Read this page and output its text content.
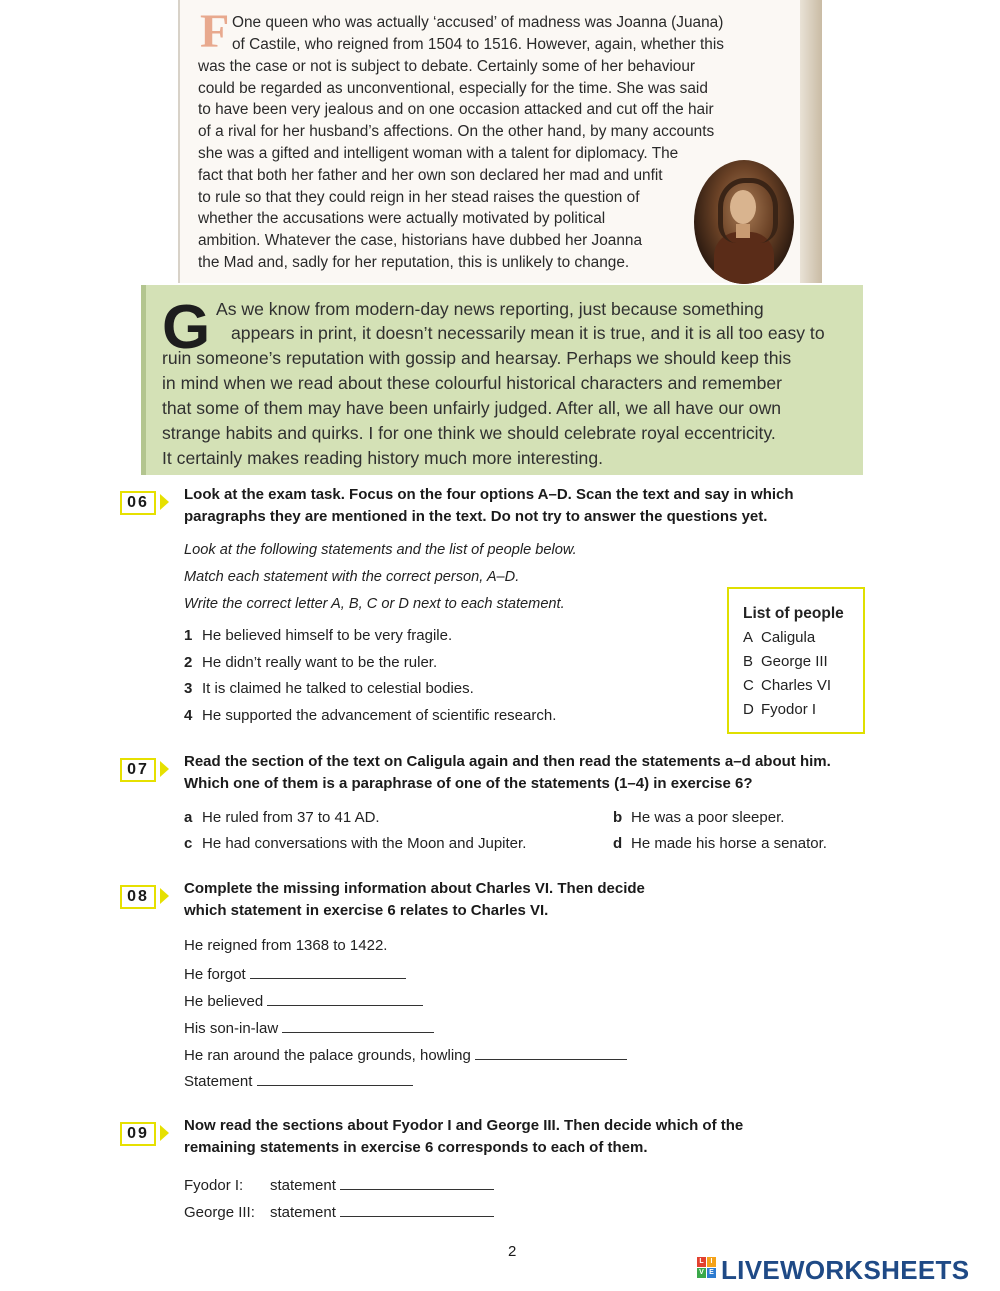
F One queen who was actually ‘accused’ of madness was Joanna (Juana)
of Castile, who reigned from 1504 to 1516. However, again, whether this
was the case or not is subject to debate. Certainly some of her behaviour
could be regarded as unconventional, especially for the time. She was said
to have been very jealous and on one occasion attacked and cut off the hair
of a rival for her husband’s affections. On the other hand, by many accounts
she was a gifted and intelligent woman with a talent for diplomacy. The
fact that both her father and her own son declared her mad and unfit
to rule so that they could reign in her stead raises the question of
whether the accusations were actually motivated by political
ambition. Whatever the case, historians have dubbed her Joanna
the Mad and, sadly for her reputation, this is unlikely to change.
G As we know from modern-day news reporting, just because something
appears in print, it doesn’t necessarily mean it is true, and it is all too easy to
ruin someone’s reputation with gossip and hearsay. Perhaps we should keep this
in mind when we read about these colourful historical characters and remember
that some of them may have been unfairly judged. After all, we all have our own
strange habits and quirks. I for one think we should celebrate royal eccentricity.
It certainly makes reading history much more interesting.
06	Look at the exam task. Focus on the four options A–D. Scan the text and say in which
paragraphs they are mentioned in the text. Do not try to answer the questions yet.
Look at the following statements and the list of people below.
Match each statement with the correct person, A–D.
Write the correct letter A, B, C or D next to each statement.
1 He believed himself to be very fragile.
2 He didn’t really want to be the ruler.
3 It is claimed he talked to celestial bodies.
4 He supported the advancement of scientific research.
List of people
A Caligula
B George III
C Charles VI
D Fyodor I
07	Read the section of the text on Caligula again and then read the statements a–d about him.
Which one of them is a paraphrase of one of the statements (1–4) in exercise 6?
a He ruled from 37 to 41 AD.	b He was a poor sleeper.
c He had conversations with the Moon and Jupiter.	d He made his horse a senator.
08	Complete the missing information about Charles VI. Then decide
which statement in exercise 6 relates to Charles VI.
He reigned from 1368 to 1422.
He forgot
He believed
His son-in-law
He ran around the palace grounds, howling
Statement
09	Now read the sections about Fyodor I and George III. Then decide which of the
remaining statements in exercise 6 corresponds to each of them.
Fyodor I: statement
George III: statement
2
L I
V E LIVEWORKSHEETS
